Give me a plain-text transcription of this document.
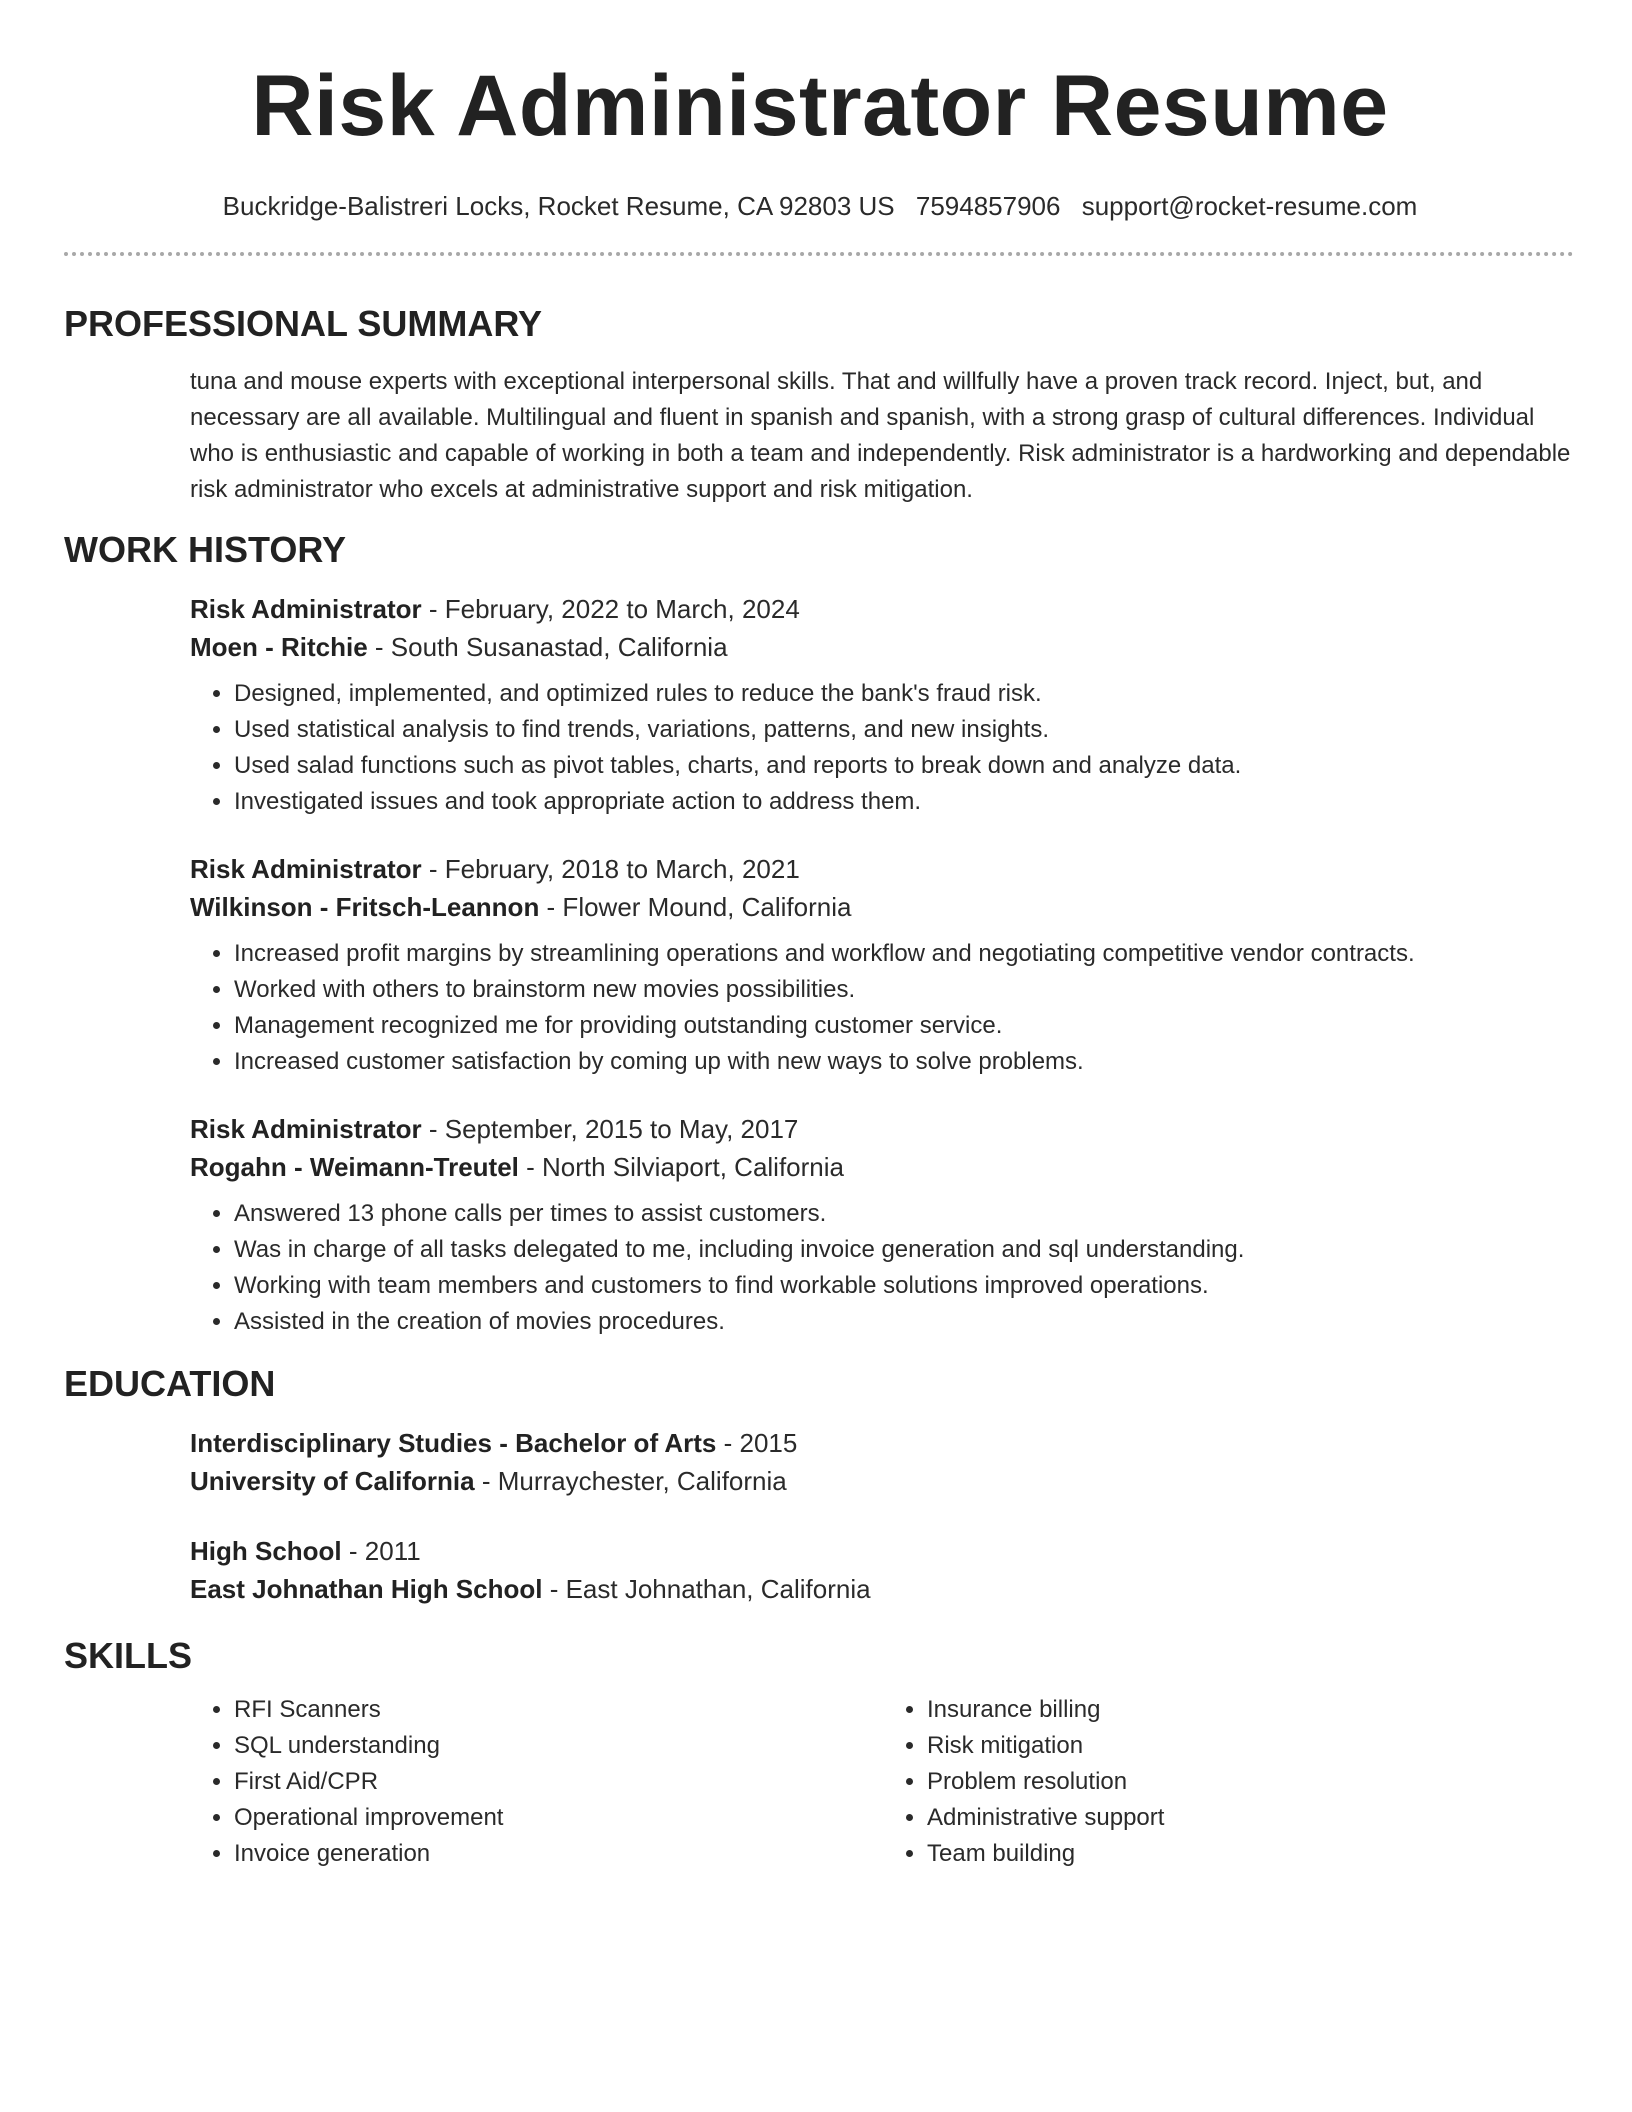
Risk Administrator Resume
Buckridge-Balistreri Locks, Rocket Resume, CA 92803 US 7594857906 support@rocket-resume.com
PROFESSIONAL SUMMARY
tuna and mouse experts with exceptional interpersonal skills. That and willfully have a proven track record. Inject, but, and necessary are all available. Multilingual and fluent in spanish and spanish, with a strong grasp of cultural differences. Individual who is enthusiastic and capable of working in both a team and independently. Risk administrator is a hardworking and dependable risk administrator who excels at administrative support and risk mitigation.
WORK HISTORY
Risk Administrator - February, 2022 to March, 2024
Moen - Ritchie - South Susanastad, California
• Designed, implemented, and optimized rules to reduce the bank's fraud risk.
• Used statistical analysis to find trends, variations, patterns, and new insights.
• Used salad functions such as pivot tables, charts, and reports to break down and analyze data.
• Investigated issues and took appropriate action to address them.
Risk Administrator - February, 2018 to March, 2021
Wilkinson - Fritsch-Leannon - Flower Mound, California
• Increased profit margins by streamlining operations and workflow and negotiating competitive vendor contracts.
• Worked with others to brainstorm new movies possibilities.
• Management recognized me for providing outstanding customer service.
• Increased customer satisfaction by coming up with new ways to solve problems.
Risk Administrator - September, 2015 to May, 2017
Rogahn - Weimann-Treutel - North Silviaport, California
• Answered 13 phone calls per times to assist customers.
• Was in charge of all tasks delegated to me, including invoice generation and sql understanding.
• Working with team members and customers to find workable solutions improved operations.
• Assisted in the creation of movies procedures.
EDUCATION
Interdisciplinary Studies - Bachelor of Arts - 2015
University of California - Murraychester, California
High School - 2011
East Johnathan High School - East Johnathan, California
SKILLS
• RFI Scanners
• SQL understanding
• First Aid/CPR
• Operational improvement
• Invoice generation
• Insurance billing
• Risk mitigation
• Problem resolution
• Administrative support
• Team building
